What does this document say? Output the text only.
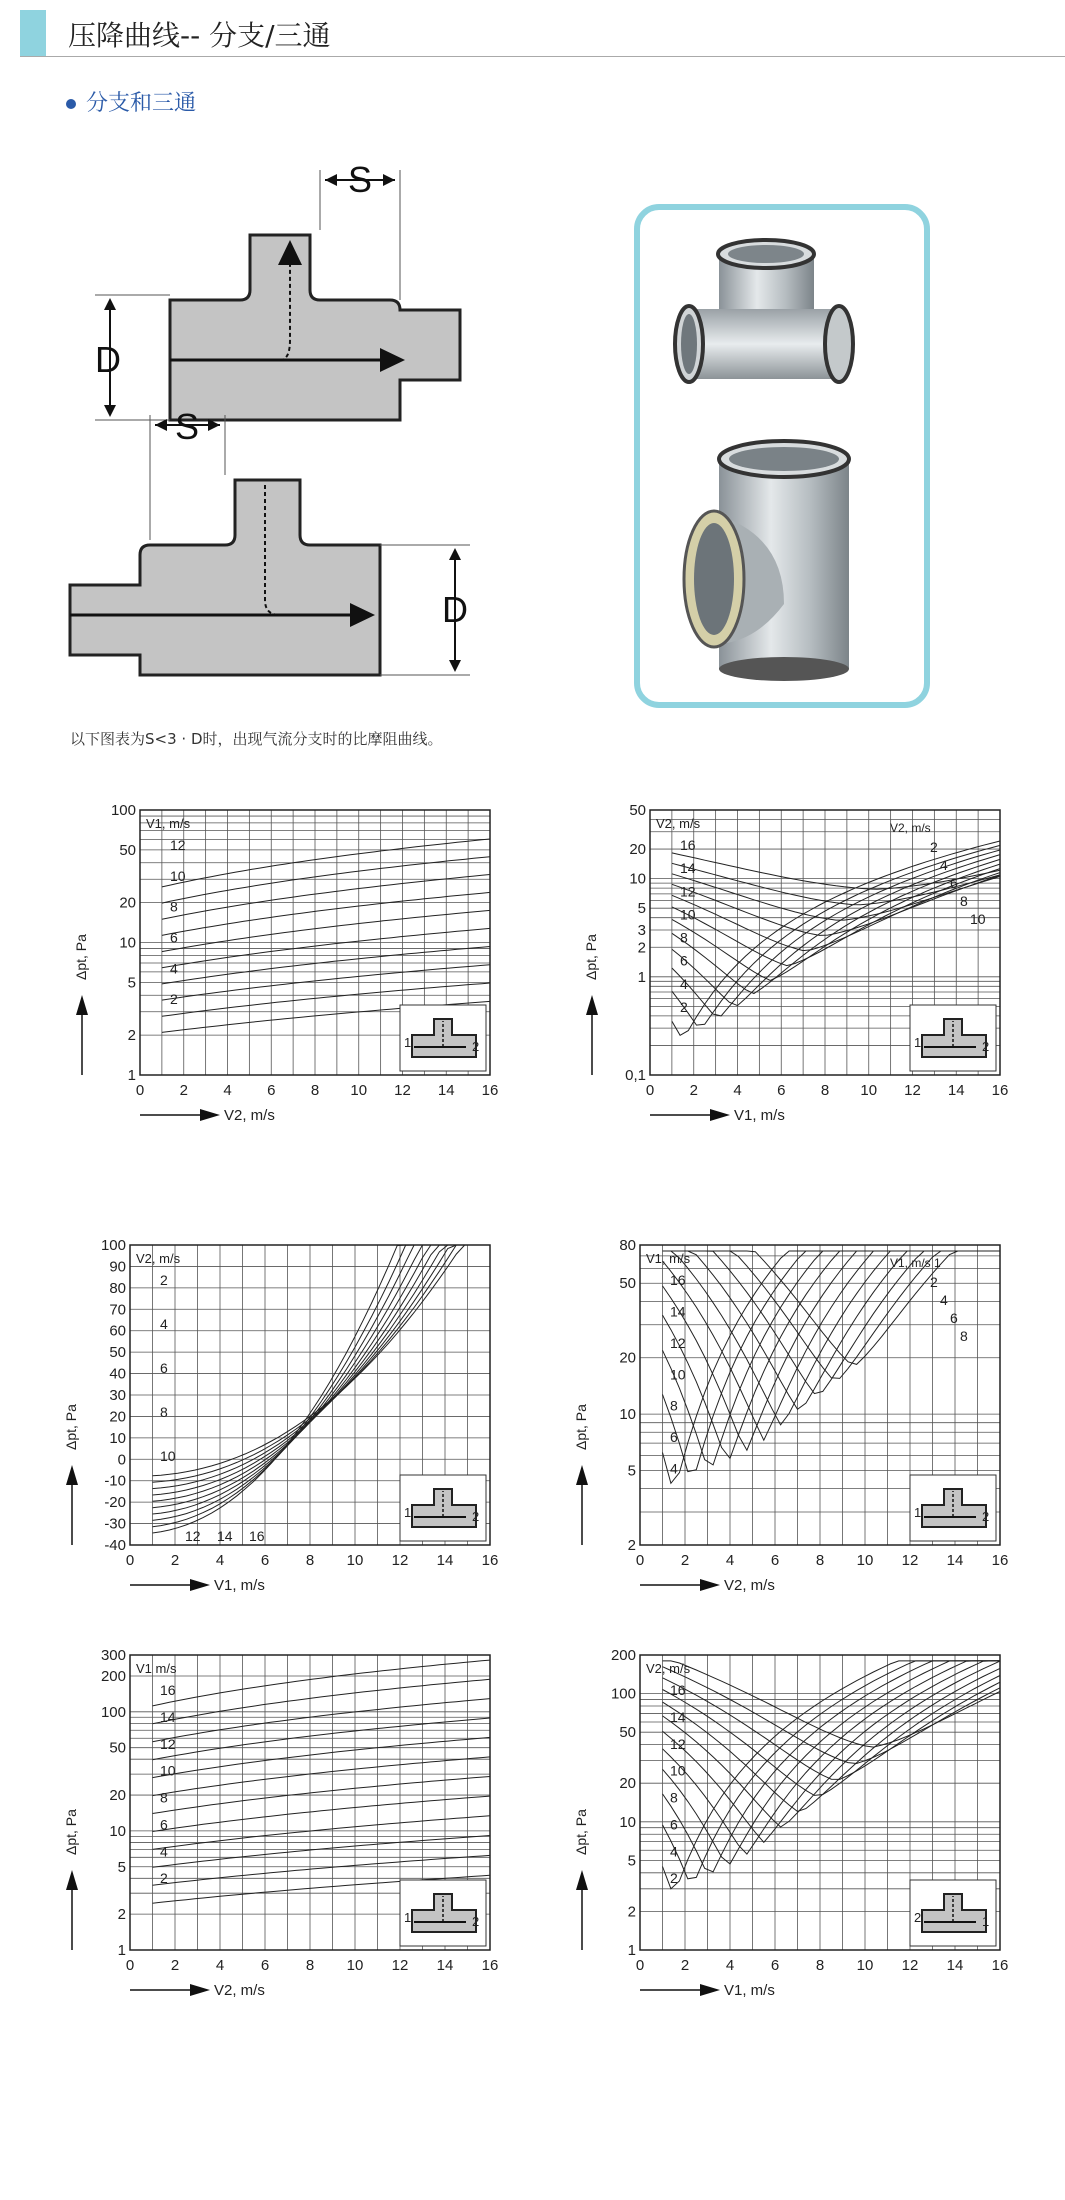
压降曲线-- 分支/三通
分支和三通
S
D
S
D
以下图表为S<3 · D时，出现气流分支时的比摩阻曲线。
100
50
20
10
5
2
1
0 2 4 6 8 10 12 14 16
V2, m/s
Δpt, Pa
V1, m/s
12
10
8
6
4
2
1	2
50
20
10
5
3
2
1
0,1
0 2 4 6 8 10 12 14 16
V1, m/s
Δpt, Pa
V2, m/s
16
14
12
10
8
6
4
2
V2, m/s
2
4
6
8
10
1	2
100
90
80
70
60
50
40
30
20
10
0
-10
-20
-30
-40
0 2 4 6 8 10 12 14 16
V1, m/s
Δpt, Pa
V2, m/s
2
4
6
8
10
12 14 16
1	2
80
50
20
10
5
2
0 2 4 6 8 10 12 14 16
V2, m/s
Δpt, Pa
V1, m/s
16
14
12
10
8
6
4
V1, m/s 1
2
4
6
8
1	2
300
200
100
50
20
10
5
2
1
0 2 4 6 8 10 12 14 16
V2, m/s
Δpt, Pa
V1 m/s
16
14
12
10
8
6
4
2
1	2
200
100
50
20
10
5
2
1
0 2 4 6 8 10 12 14 16
V1, m/s
Δpt, Pa
V2, m/s
16
14
12
10
8
6
4
2
2	1
